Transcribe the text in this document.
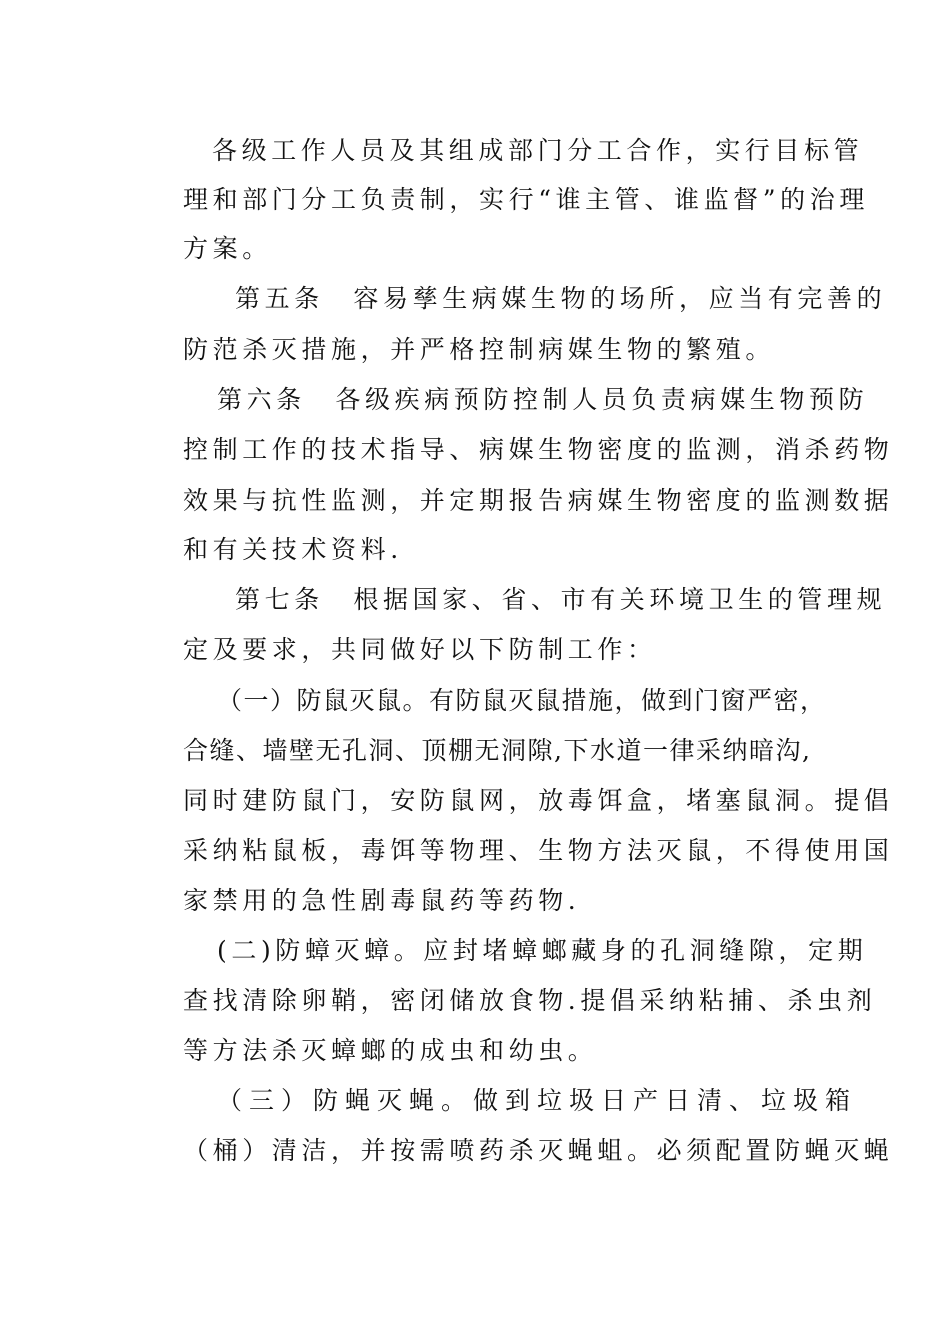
各级工作人员及其组成部门分工合作，实行目标管
理和部门分工负责制，实行“谁主管、谁监督”的治理
方案。
第五条　容易孳生病媒生物的场所，应当有完善的
防范杀灭措施，并严格控制病媒生物的繁殖。
第六条　各级疾病预防控制人员负责病媒生物预防
控制工作的技术指导、病媒生物密度的监测，消杀药物
效果与抗性监测，并定期报告病媒生物密度的监测数据
和有关技术资料.
第七条　根据国家、省、市有关环境卫生的管理规
定及要求，共同做好以下防制工作：
（一）防鼠灭鼠。有防鼠灭鼠措施，做到门窗严密，
合缝、墙壁无孔洞、顶棚无洞隙,下水道一律采纳暗沟,
同时建防鼠门，安防鼠网，放毒饵盒，堵塞鼠洞。提倡
采纳粘鼠板，毒饵等物理、生物方法灭鼠，不得使用国
家禁用的急性剧毒鼠药等药物.
(二)防蟑灭蟑。应封堵蟑螂藏身的孔洞缝隙，定期
查找清除卵鞘，密闭储放食物.提倡采纳粘捕、杀虫剂
等方法杀灭蟑螂的成虫和幼虫。
（三）防蝇灭蝇。做到垃圾日产日清、垃圾箱
（桶）清洁，并按需喷药杀灭蝇蛆。必须配置防蝇灭蝇
